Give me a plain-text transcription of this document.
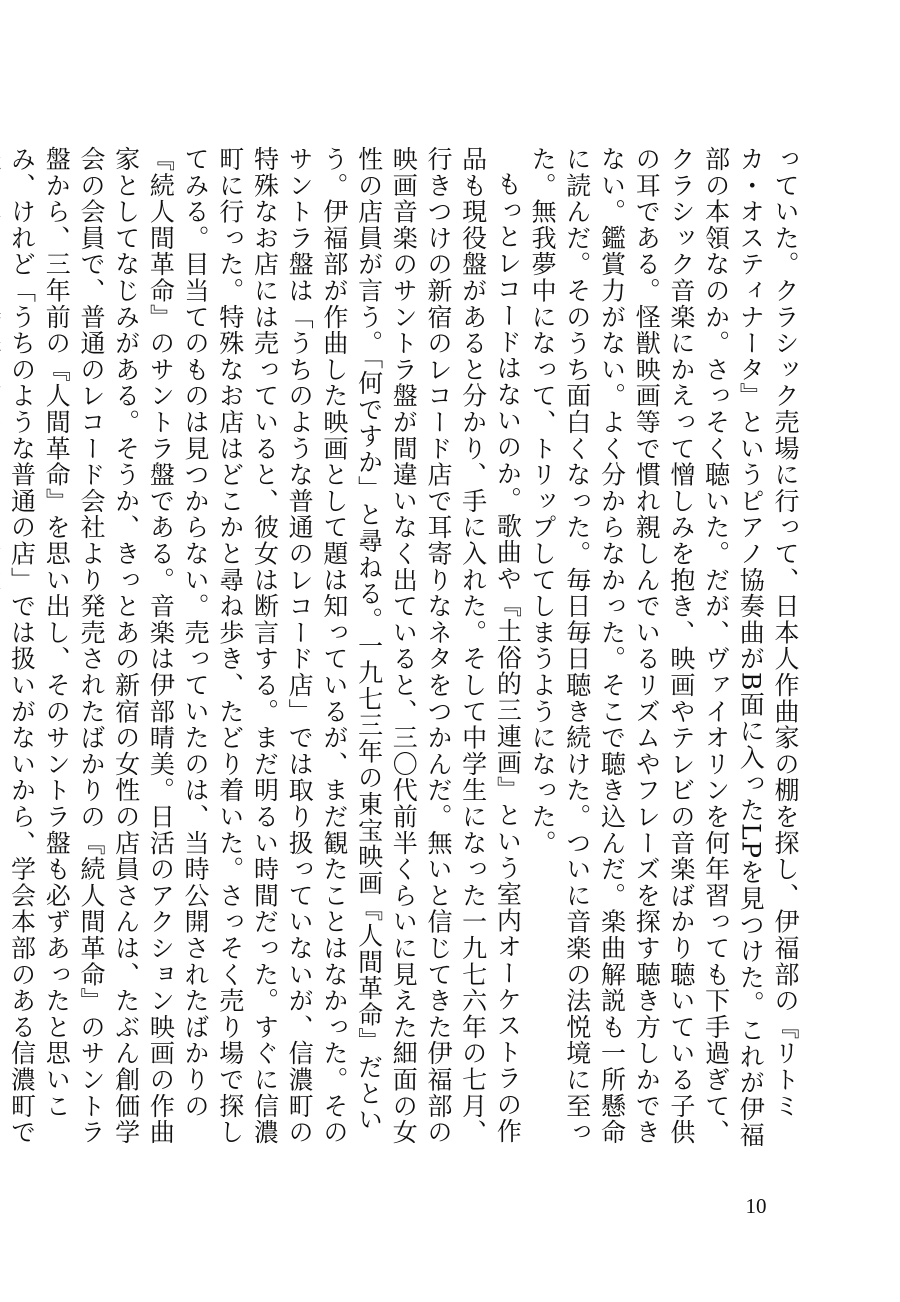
っていた。クラシック売場に行って、日本人作曲家の棚を探し、伊福部の『リトミカ・オスティナータ』というピアノ協奏曲がB面に入ったLPを見つけた。これが伊福部の本領なのか。さっそく聴いた。だが、ヴァイオリンを何年習っても下手過ぎて、クラシック音楽にかえって憎しみを抱き、映画やテレビの音楽ばかり聴いている子供の耳である。怪獣映画等で慣れ親しんでいるリズムやフレーズを探す聴き方しかできない。鑑賞力がない。よく分からなかった。そこで聴き込んだ。楽曲解説も一所懸命に読んだ。そのうち面白くなった。毎日毎日聴き続けた。ついに音楽の法悦境に至った。無我夢中になって、トリップしてしまうようになった。

もっとレコードはないのか。歌曲や『土俗的三連画』という室内オーケストラの作品も現役盤があると分かり、手に入れた。そして中学生になった一九七六年の七月、行きつけの新宿のレコード店で耳寄りなネタをつかんだ。無いと信じてきた伊福部の映画音楽のサントラ盤が間違いなく出ていると、三〇代前半くらいに見えた細面の女性の店員が言う。「何ですか」と尋ねる。一九七三年の東宝映画『人間革命』だという。伊福部が作曲した映画として題は知っているが、まだ観たことはなかった。そのサントラ盤は「うちのような普通のレコード店」では取り扱っていないが、信濃町の特殊なお店には売っていると、彼女は断言する。まだ明るい時間だった。すぐに信濃町に行った。特殊なお店はどこかと尋ね歩き、たどり着いた。さっそく売り場で探してみる。目当てのものは見つからない。売っていたのは、当時公開されたばかりの『続人間革命』のサントラ盤である。音楽は伊部晴美。日活のアクション映画の作曲家としてなじみがある。そうか、きっとあの新宿の女性の店員さんは、たぶん創価学会の会員で、普通のレコード会社より発売されたばかりの『続人間革命』のサントラ盤から、三年前の『人間革命』を思い出し、そのサントラ盤も必ずあったと思いこみ、けれど「うちのような普通の店」では扱いがないから、学会本部のある信濃町で

10
